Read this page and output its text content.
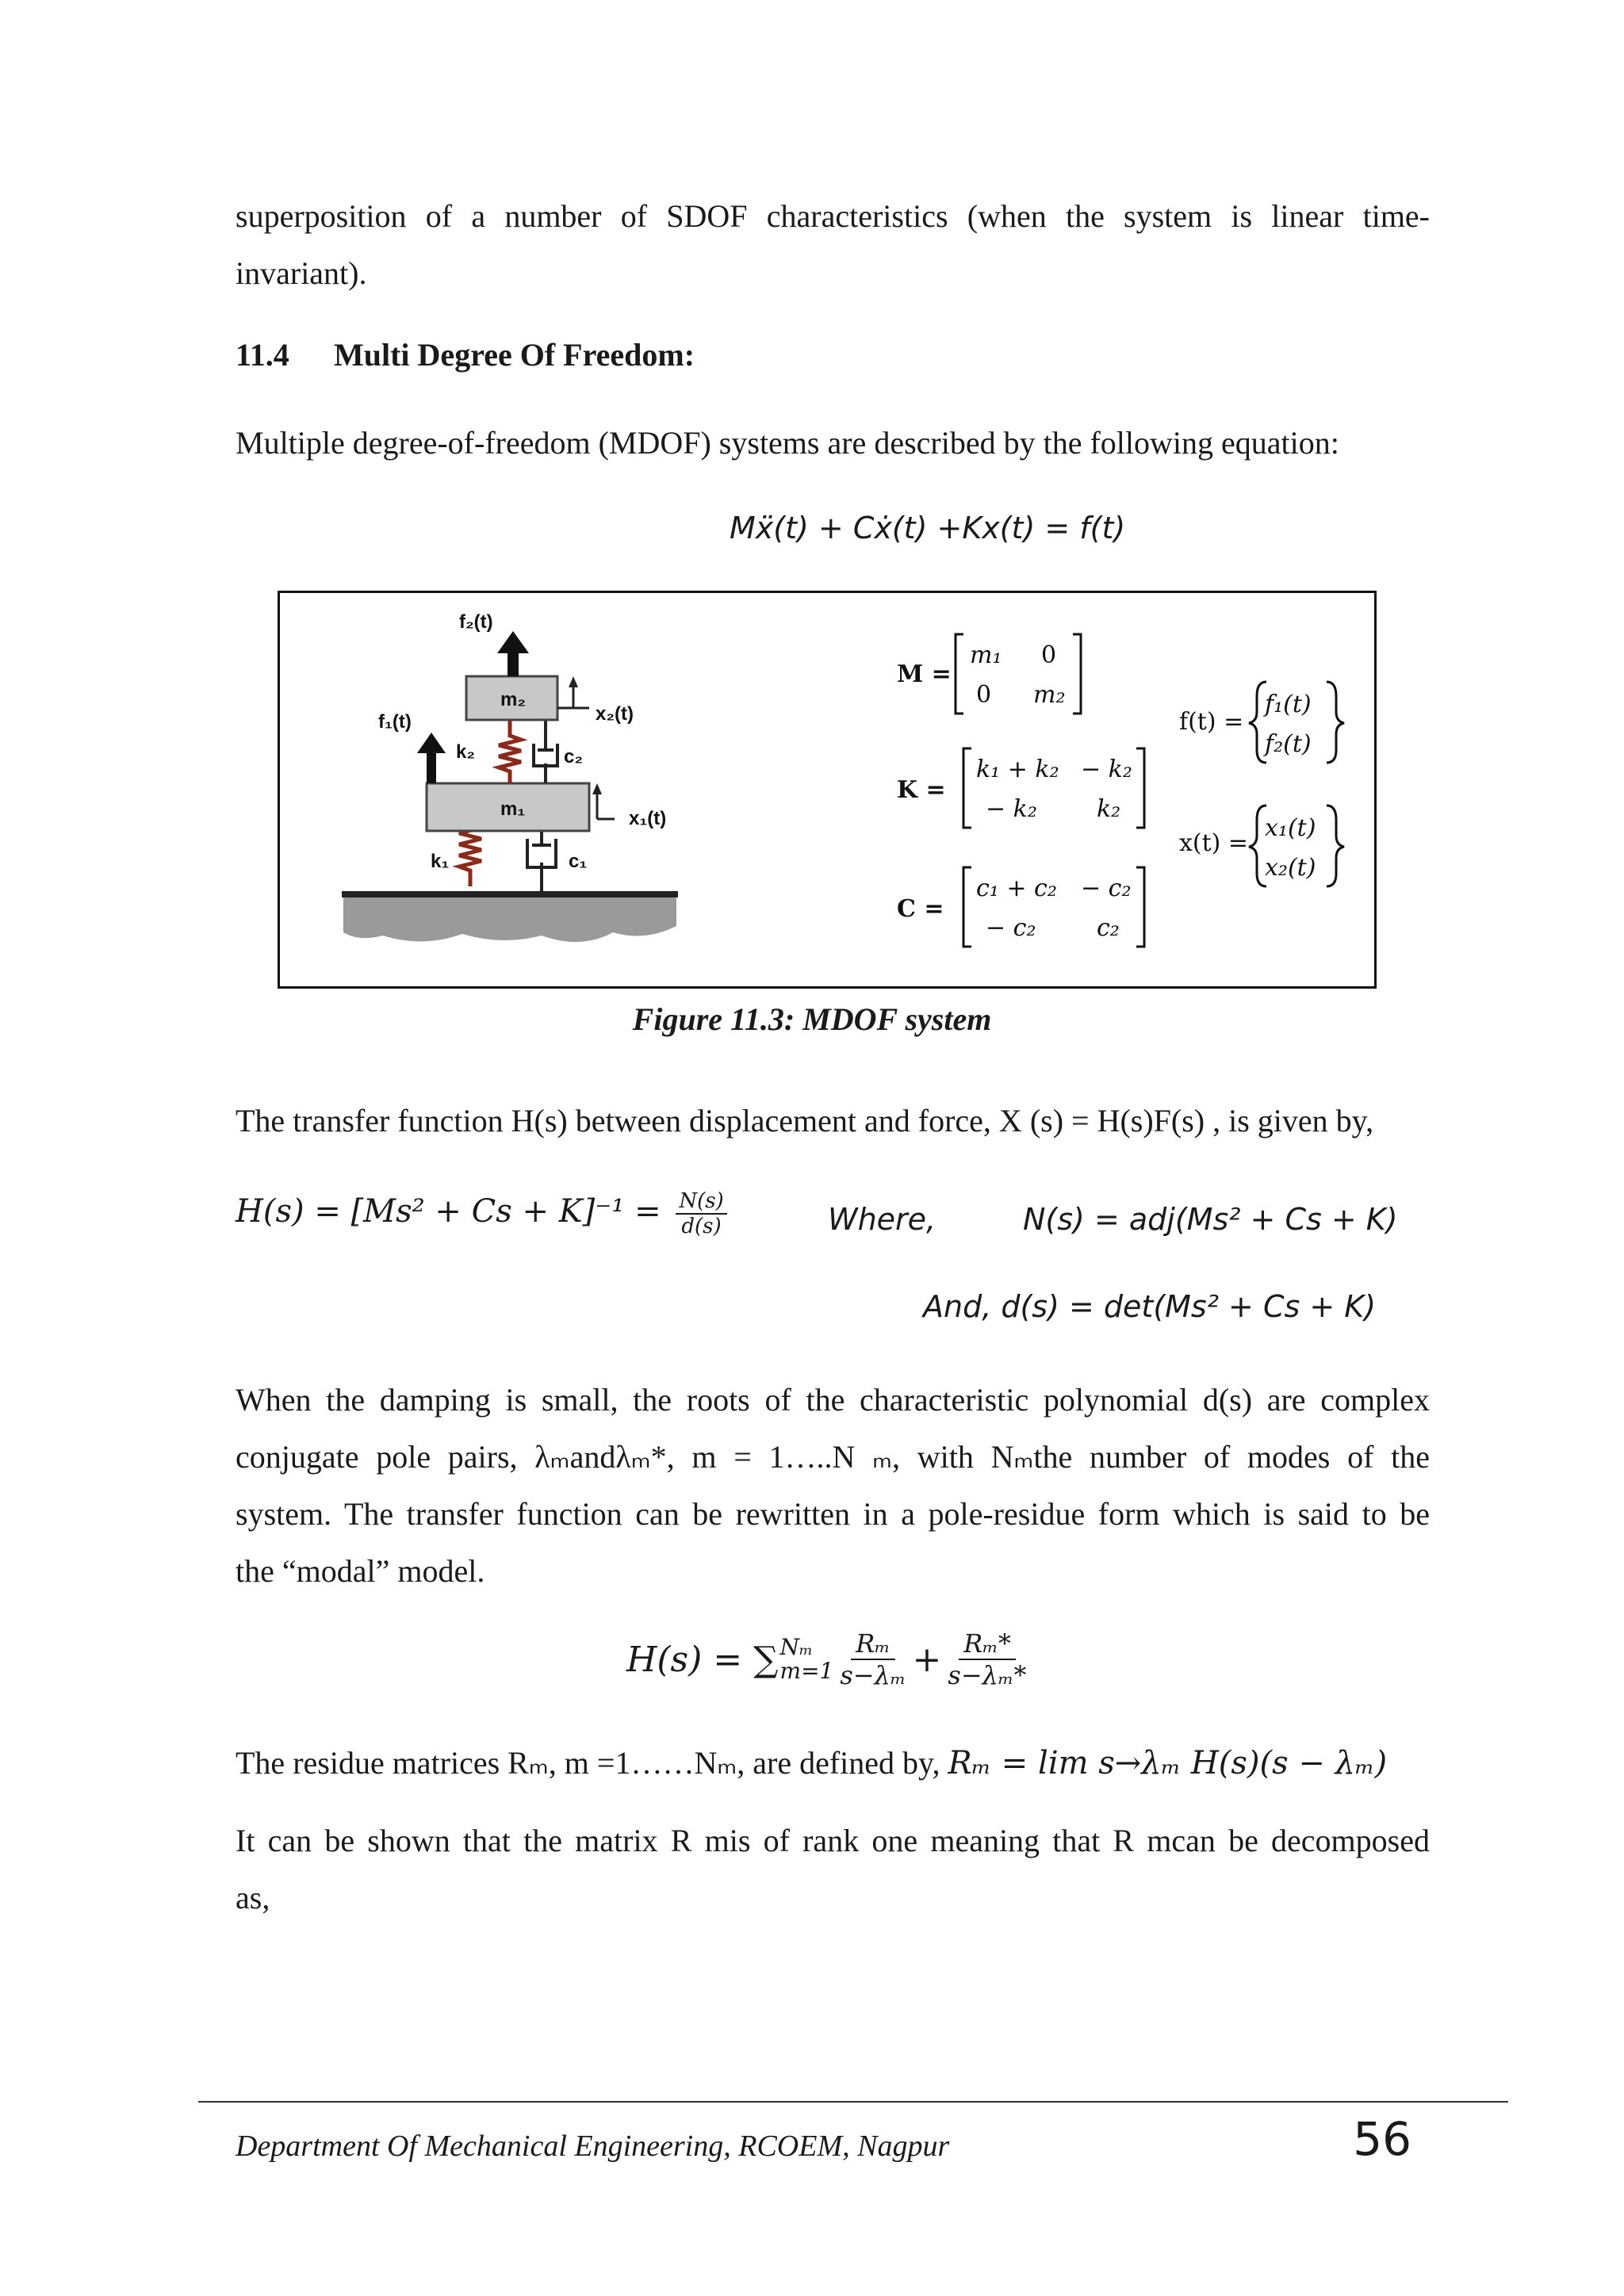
superposition of a number of SDOF characteristics (when the system is linear time-
invariant).
11.4 Multi Degree Of Freedom:
Multiple degree-of-freedom (MDOF) systems are described by the following equation:
Mẍ(t) + Cẋ(t) +Kx(t) = f(t)
f₂(t)
f₁(t)
m₂
m₁
k₂
k₁
c₂
c₁
x₂(t)
x₁(t)
M =
m₁ 0
0 m₂
K =
k₁ + k₂ − k₂
− k₂	k₂
C =
c₁ + c₂ − c₂
− c₂	c₂
f(t) =
f₁(t)
f₂(t)
x(t) =
x₁(t)
x₂(t)
Figure 11.3: MDOF system
The transfer function H(s) between displacement and force, X (s) = H(s)F(s) , is given by,
$H(s) = [Ms^2 + Cs + K]^{-1} = \frac{N(s)}{d(s)}$	Where,	N(s) = adj(Ms² + Cs + K)
And, d(s) = det(Ms² + Cs + K)
When the damping is small, the roots of the characteristic polynomial d(s) are complex
conjugate pole pairs, λₘandλₘ*, m = 1…..N ₘ, with Nₘthe number of modes of the
system. The transfer function can be rewritten in a pole-residue form which is said to be
the “modal” model.
H(s) = ∑ Nₘ
$m=1 \frac{\text{Rₘ}}{\text{s−λₘ}} + \frac{\text{Rₘ*}}{\text{s−λₘ*}}$
The residue matrices Rₘ, m =1……Nₘ, are defined by, Rₘ = lim s→λₘ H(s)(s − λₘ)
It can be shown that the matrix R mis of rank one meaning that R mcan be decomposed
as,
Department Of Mechanical Engineering, RCOEM, Nagpur	56
